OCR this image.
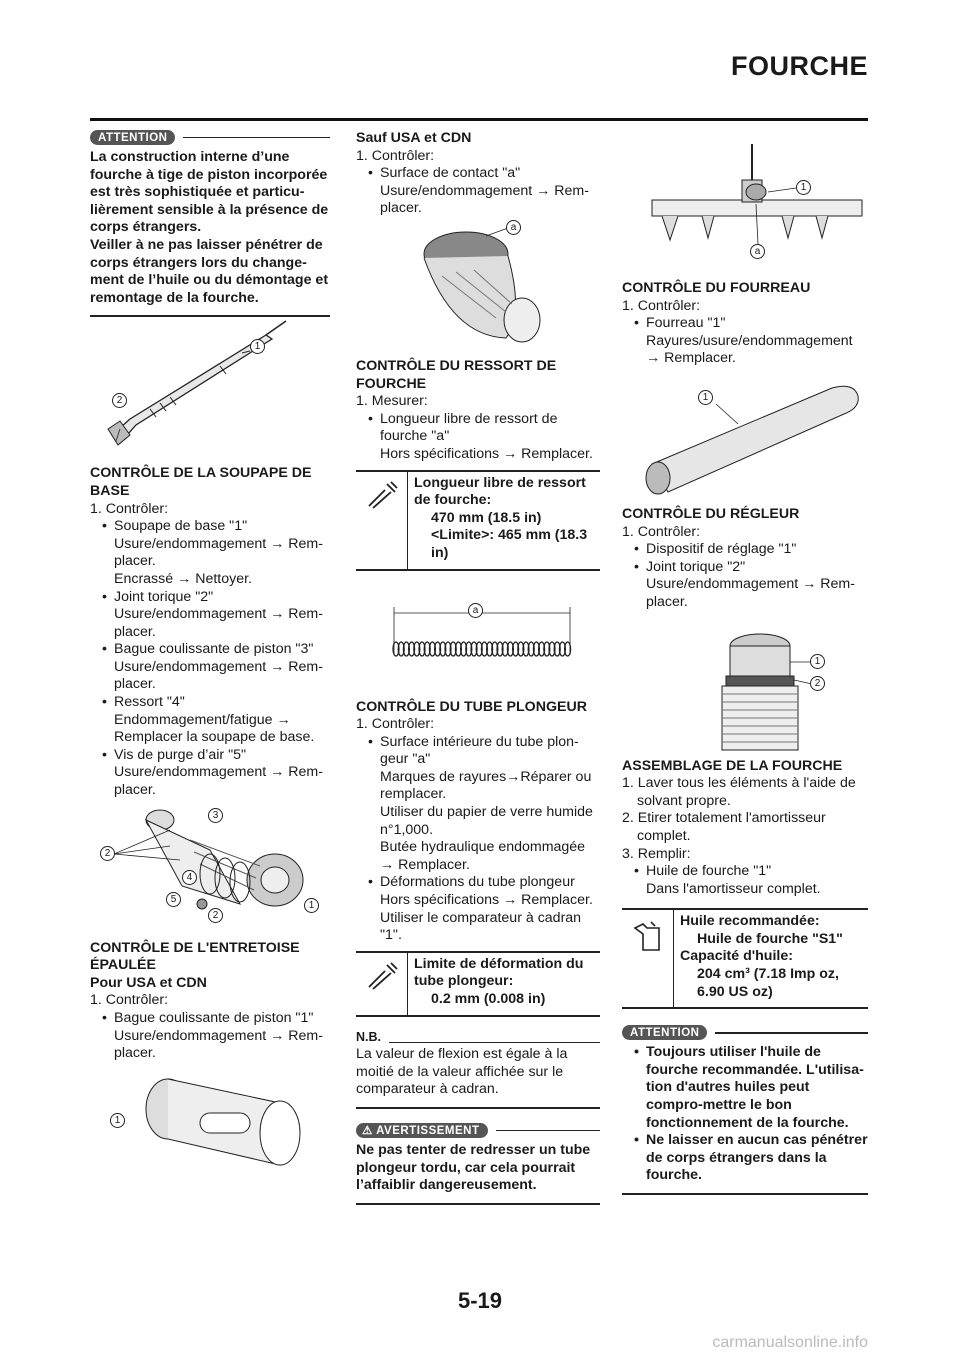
FOURCHE
ATTENTION
La construction interne d’une fourche à tige de piston incorporée est très sophistiquée et particu-lièrement sensible à la présence de corps étrangers.
Veiller à ne pas laisser pénétrer de corps étrangers lors du change-ment de l’huile ou du démontage et remontage de la fourche.
1
2
CONTRÔLE DE LA SOUPAPE DE BASE
1. Contrôler:
• Soupape de base "1"
Usure/endommagement → Rem-placer.
Encrassé → Nettoyer.
• Joint torique "2"
Usure/endommagement → Rem-placer.
• Bague coulissante de piston "3"
Usure/endommagement → Rem-placer.
• Ressort "4"
Endommagement/fatigue →
Remplacer la soupape de base.
• Vis de purge d’air "5"
Usure/endommagement → Rem-placer.
3
2
4
5
2
1
CONTRÔLE DE L'ENTRETOISE ÉPAULÉE
Pour USA et CDN
1. Contrôler:
• Bague coulissante de piston "1"
Usure/endommagement → Rem-placer.
1
Sauf USA et CDN
1. Contrôler:
• Surface de contact "a"
Usure/endommagement → Rem-placer.
a
CONTRÔLE DU RESSORT DE FOURCHE
1. Mesurer:
• Longueur libre de ressort de fourche "a"
Hors spécifications → Remplacer.
Longueur libre de ressort de fourche:
470 mm (18.5 in)
<Limite>: 465 mm (18.3 in)
a
CONTRÔLE DU TUBE PLONGEUR
1. Contrôler:
• Surface intérieure du tube plon-geur "a"
Marques de rayures→Réparer ou remplacer.
Utiliser du papier de verre humide n°1,000.
Butée hydraulique endommagée → Remplacer.
• Déformations du tube plongeur
Hors spécifications → Remplacer.
Utiliser le comparateur à cadran "1".
Limite de déformation du tube plongeur:
0.2 mm (0.008 in)
N.B.
La valeur de flexion est égale à la moitié de la valeur affichée sur le comparateur à cadran.
⚠ AVERTISSEMENT
Ne pas tenter de redresser un tube plongeur tordu, car cela pourrait l’affaiblir dangereusement.
1
a
CONTRÔLE DU FOURREAU
1. Contrôler:
• Fourreau "1"
Rayures/usure/endommagement
→ Remplacer.
1
CONTRÔLE DU RÉGLEUR
1. Contrôler:
• Dispositif de réglage "1"
• Joint torique "2"
Usure/endommagement → Rem-placer.
1
2
ASSEMBLAGE DE LA FOURCHE
1. Laver tous les éléments à l'aide de solvant propre.
2. Etirer totalement l'amortisseur complet.
3. Remplir:
• Huile de fourche "1"
Dans l'amortisseur complet.
Huile recommandée:
Huile de fourche "S1"
Capacité d'huile:
204 cm³ (7.18 Imp oz, 6.90 US oz)
ATTENTION
• Toujours utiliser l'huile de fourche recommandée. L'utilisa-tion d'autres huiles peut compro-mettre le bon fonctionnement de la fourche.
• Ne laisser en aucun cas pénétrer de corps étrangers dans la fourche.
5-19
carmanualsonline.info
